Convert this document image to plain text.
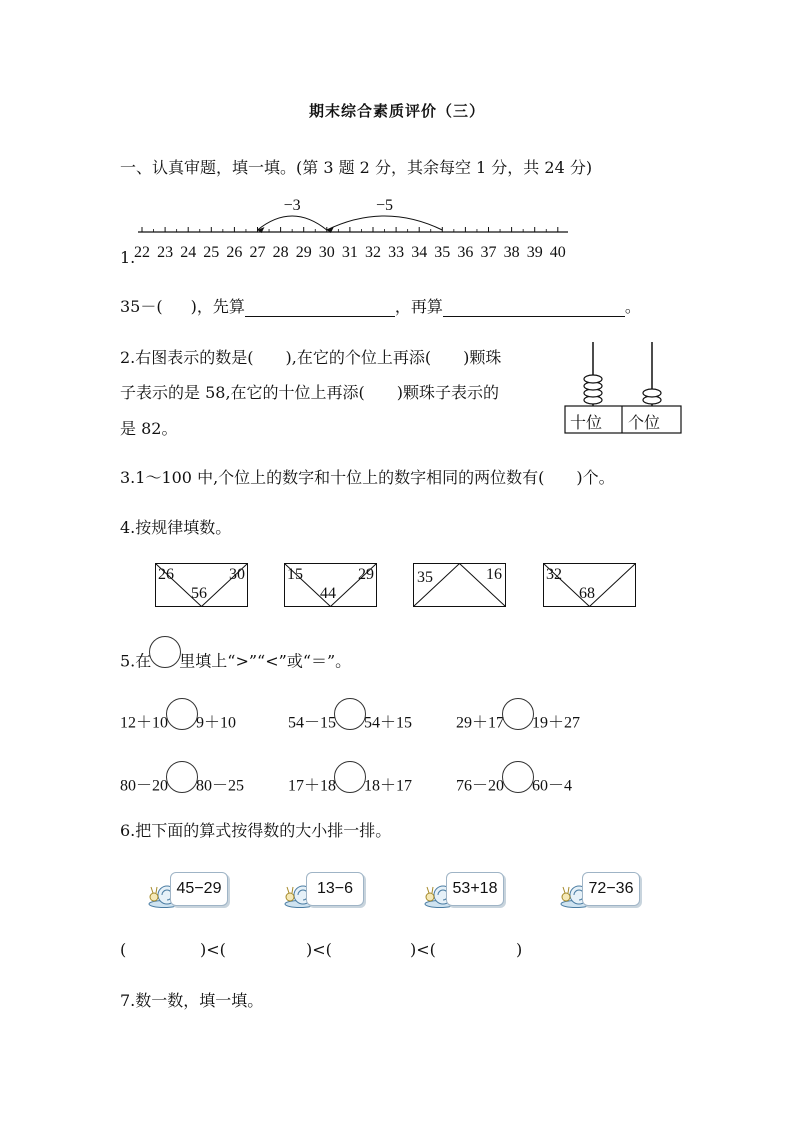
期末综合素质评价（三）
一、认真审题，填一填。(第 3 题 2 分，其余每空 1 分，共 24 分)
1.
22 23 24 25 26 27 28 29 30 31 32 33 34 35 36 37 38 39 40
−5
−3
35－( )，先算	，再算	。
2.右图表示的数是(　　),在它的个位上再添(　　)颗珠
子表示的是 58,在它的十位上再添(　　)颗珠子表示的
是 82。	十位 个位
3.1～100 中,个位上的数字和十位上的数字相同的两位数有(　　)个。
4.按规律填数。
26	30
56
15	29
44
35	16	32
68
5.在 里填上“>”“<”或“＝”。
12＋10 9＋10	54－15 54＋15	29＋17 19＋27
80－20 80－25	17＋18 18＋17	76－20 60－4
6.把下面的算式按得数的大小排一排。
45−29	13−6	53+18	72−36
(	)<(	)<(	)<(	)
7.数一数，填一填。
